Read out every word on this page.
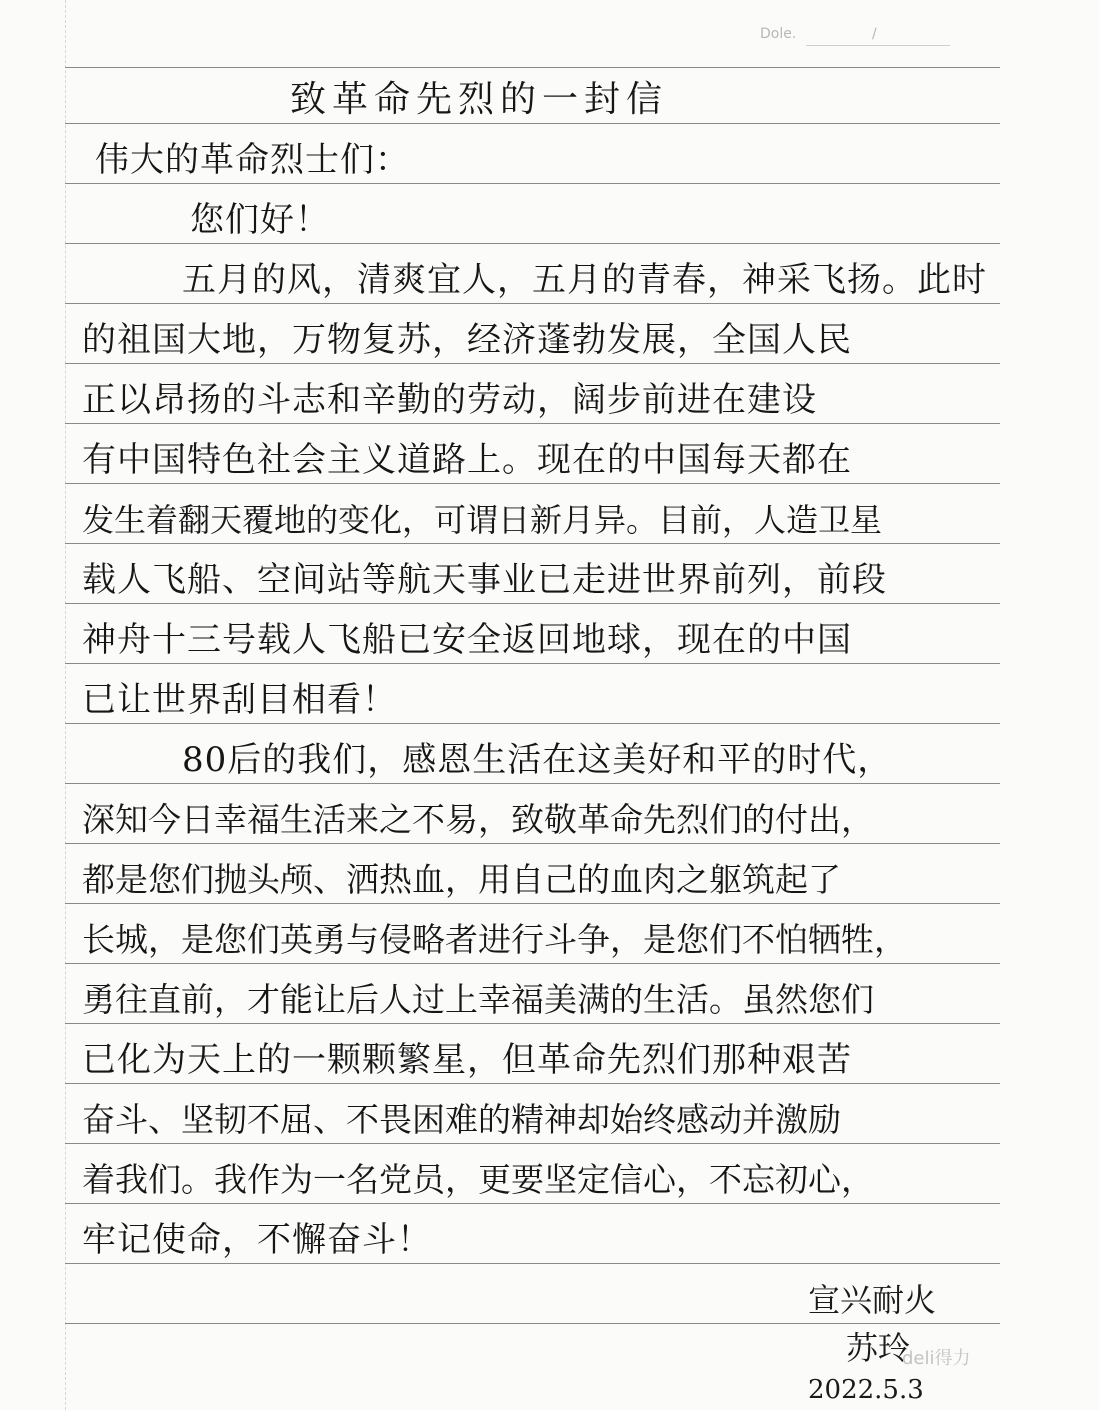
Dole.	/
致革命先烈的一封信
伟大的革命烈士们：
您们好！
五月的风，清爽宜人，五月的青春，神采飞扬。此时
的祖国大地，万物复苏，经济蓬勃发展，全国人民
正以昂扬的斗志和辛勤的劳动，阔步前进在建设
有中国特色社会主义道路上。现在的中国每天都在
发生着翻天覆地的变化，可谓日新月异。目前，人造卫星
载人飞船、空间站等航天事业已走进世界前列，前段
神舟十三号载人飞船已安全返回地球，现在的中国
已让世界刮目相看！
80后的我们，感恩生活在这美好和平的时代，
深知今日幸福生活来之不易，致敬革命先烈们的付出，
都是您们抛头颅、洒热血，用自己的血肉之躯筑起了
长城，是您们英勇与侵略者进行斗争，是您们不怕牺牲，
勇往直前，才能让后人过上幸福美满的生活。虽然您们
已化为天上的一颗颗繁星，但革命先烈们那种艰苦
奋斗、坚韧不屈、不畏困难的精神却始终感动并激励
着我们。我作为一名党员，更要坚定信心，不忘初心，
牢记使命，不懈奋斗！
宣兴耐火
苏玲
deli得力
2022.5.3
